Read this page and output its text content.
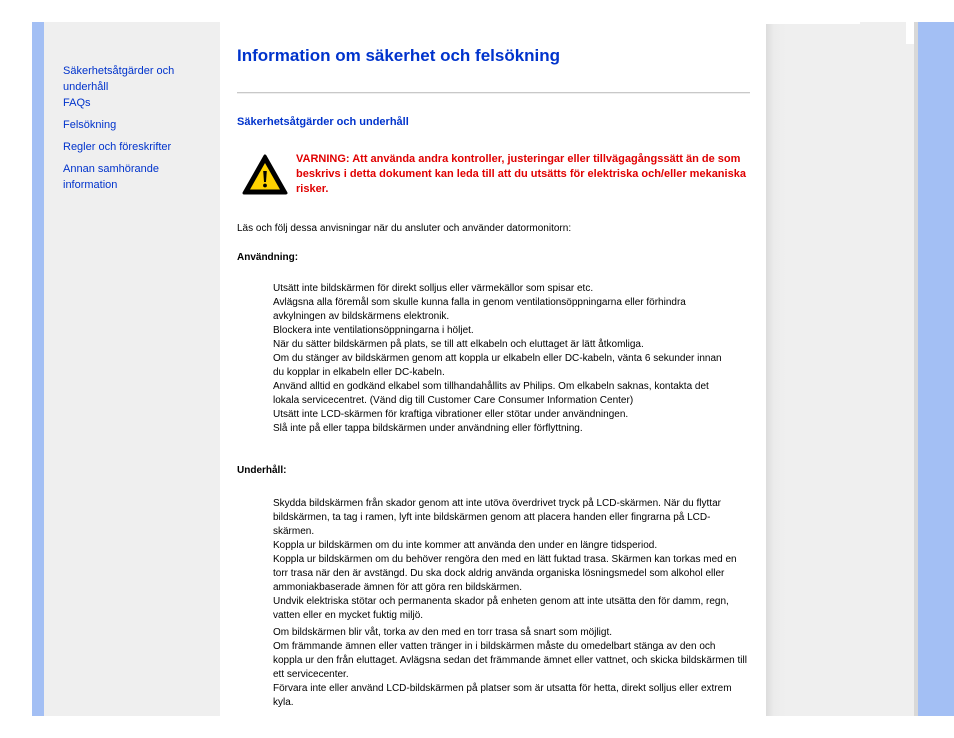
Säkerhetsåtgärder och underhåll
FAQs
Felsökning
Regler och föreskrifter
Annan samhörande information
Information om säkerhet och felsökning
Säkerhetsåtgärder och underhåll

VARNING: Att använda andra kontroller, justeringar eller tillvägagångssätt än de som beskrivs i detta dokument kan leda till att du utsätts för elektriska och/eller mekaniska risker.

Läs och följ dessa anvisningar när du ansluter och använder datormonitorn:

Användning:

Utsätt inte bildskärmen för direkt solljus eller värmekällor som spisar etc.
Avlägsna alla föremål som skulle kunna falla in genom ventilationsöppningarna eller förhindra avkylningen av bildskärmens elektronik.
Blockera inte ventilationsöppningarna i höljet.
När du sätter bildskärmen på plats, se till att elkabeln och eluttaget är lätt åtkomliga.
Om du stänger av bildskärmen genom att koppla ur elkabeln eller DC-kabeln, vänta 6 sekunder innan du kopplar in elkabeln eller DC-kabeln.
Använd alltid en godkänd elkabel som tillhandahållits av Philips. Om elkabeln saknas, kontakta det lokala servicecentret. (Vänd dig till Customer Care Consumer Information Center)
Utsätt inte LCD-skärmen för kraftiga vibrationer eller stötar under användningen.
Slå inte på eller tappa bildskärmen under användning eller förflyttning.

Underhåll:

Skydda bildskärmen från skador genom att inte utöva överdrivet tryck på LCD-skärmen. När du flyttar bildskärmen, ta tag i ramen, lyft inte bildskärmen genom att placera handen eller fingrarna på LCD-skärmen.
Koppla ur bildskärmen om du inte kommer att använda den under en längre tidsperiod.
Koppla ur bildskärmen om du behöver rengöra den med en lätt fuktad trasa. Skärmen kan torkas med en torr trasa när den är avstängd. Du ska dock aldrig använda organiska lösningsmedel som alkohol eller ammoniakbaserade ämnen för att göra ren bildskärmen.
Undvik elektriska stötar och permanenta skador på enheten genom att inte utsätta den för damm, regn, vatten eller en mycket fuktig miljö.
Om bildskärmen blir våt, torka av den med en torr trasa så snart som möjligt.
Om främmande ämnen eller vatten tränger in i bildskärmen måste du omedelbart stänga av den och koppla ur den från eluttaget. Avlägsna sedan det främmande ämnet eller vattnet, och skicka bildskärmen till ett servicecenter.
Förvara inte eller använd LCD-bildskärmen på platser som är utsatta för hetta, direkt solljus eller extrem kyla.
